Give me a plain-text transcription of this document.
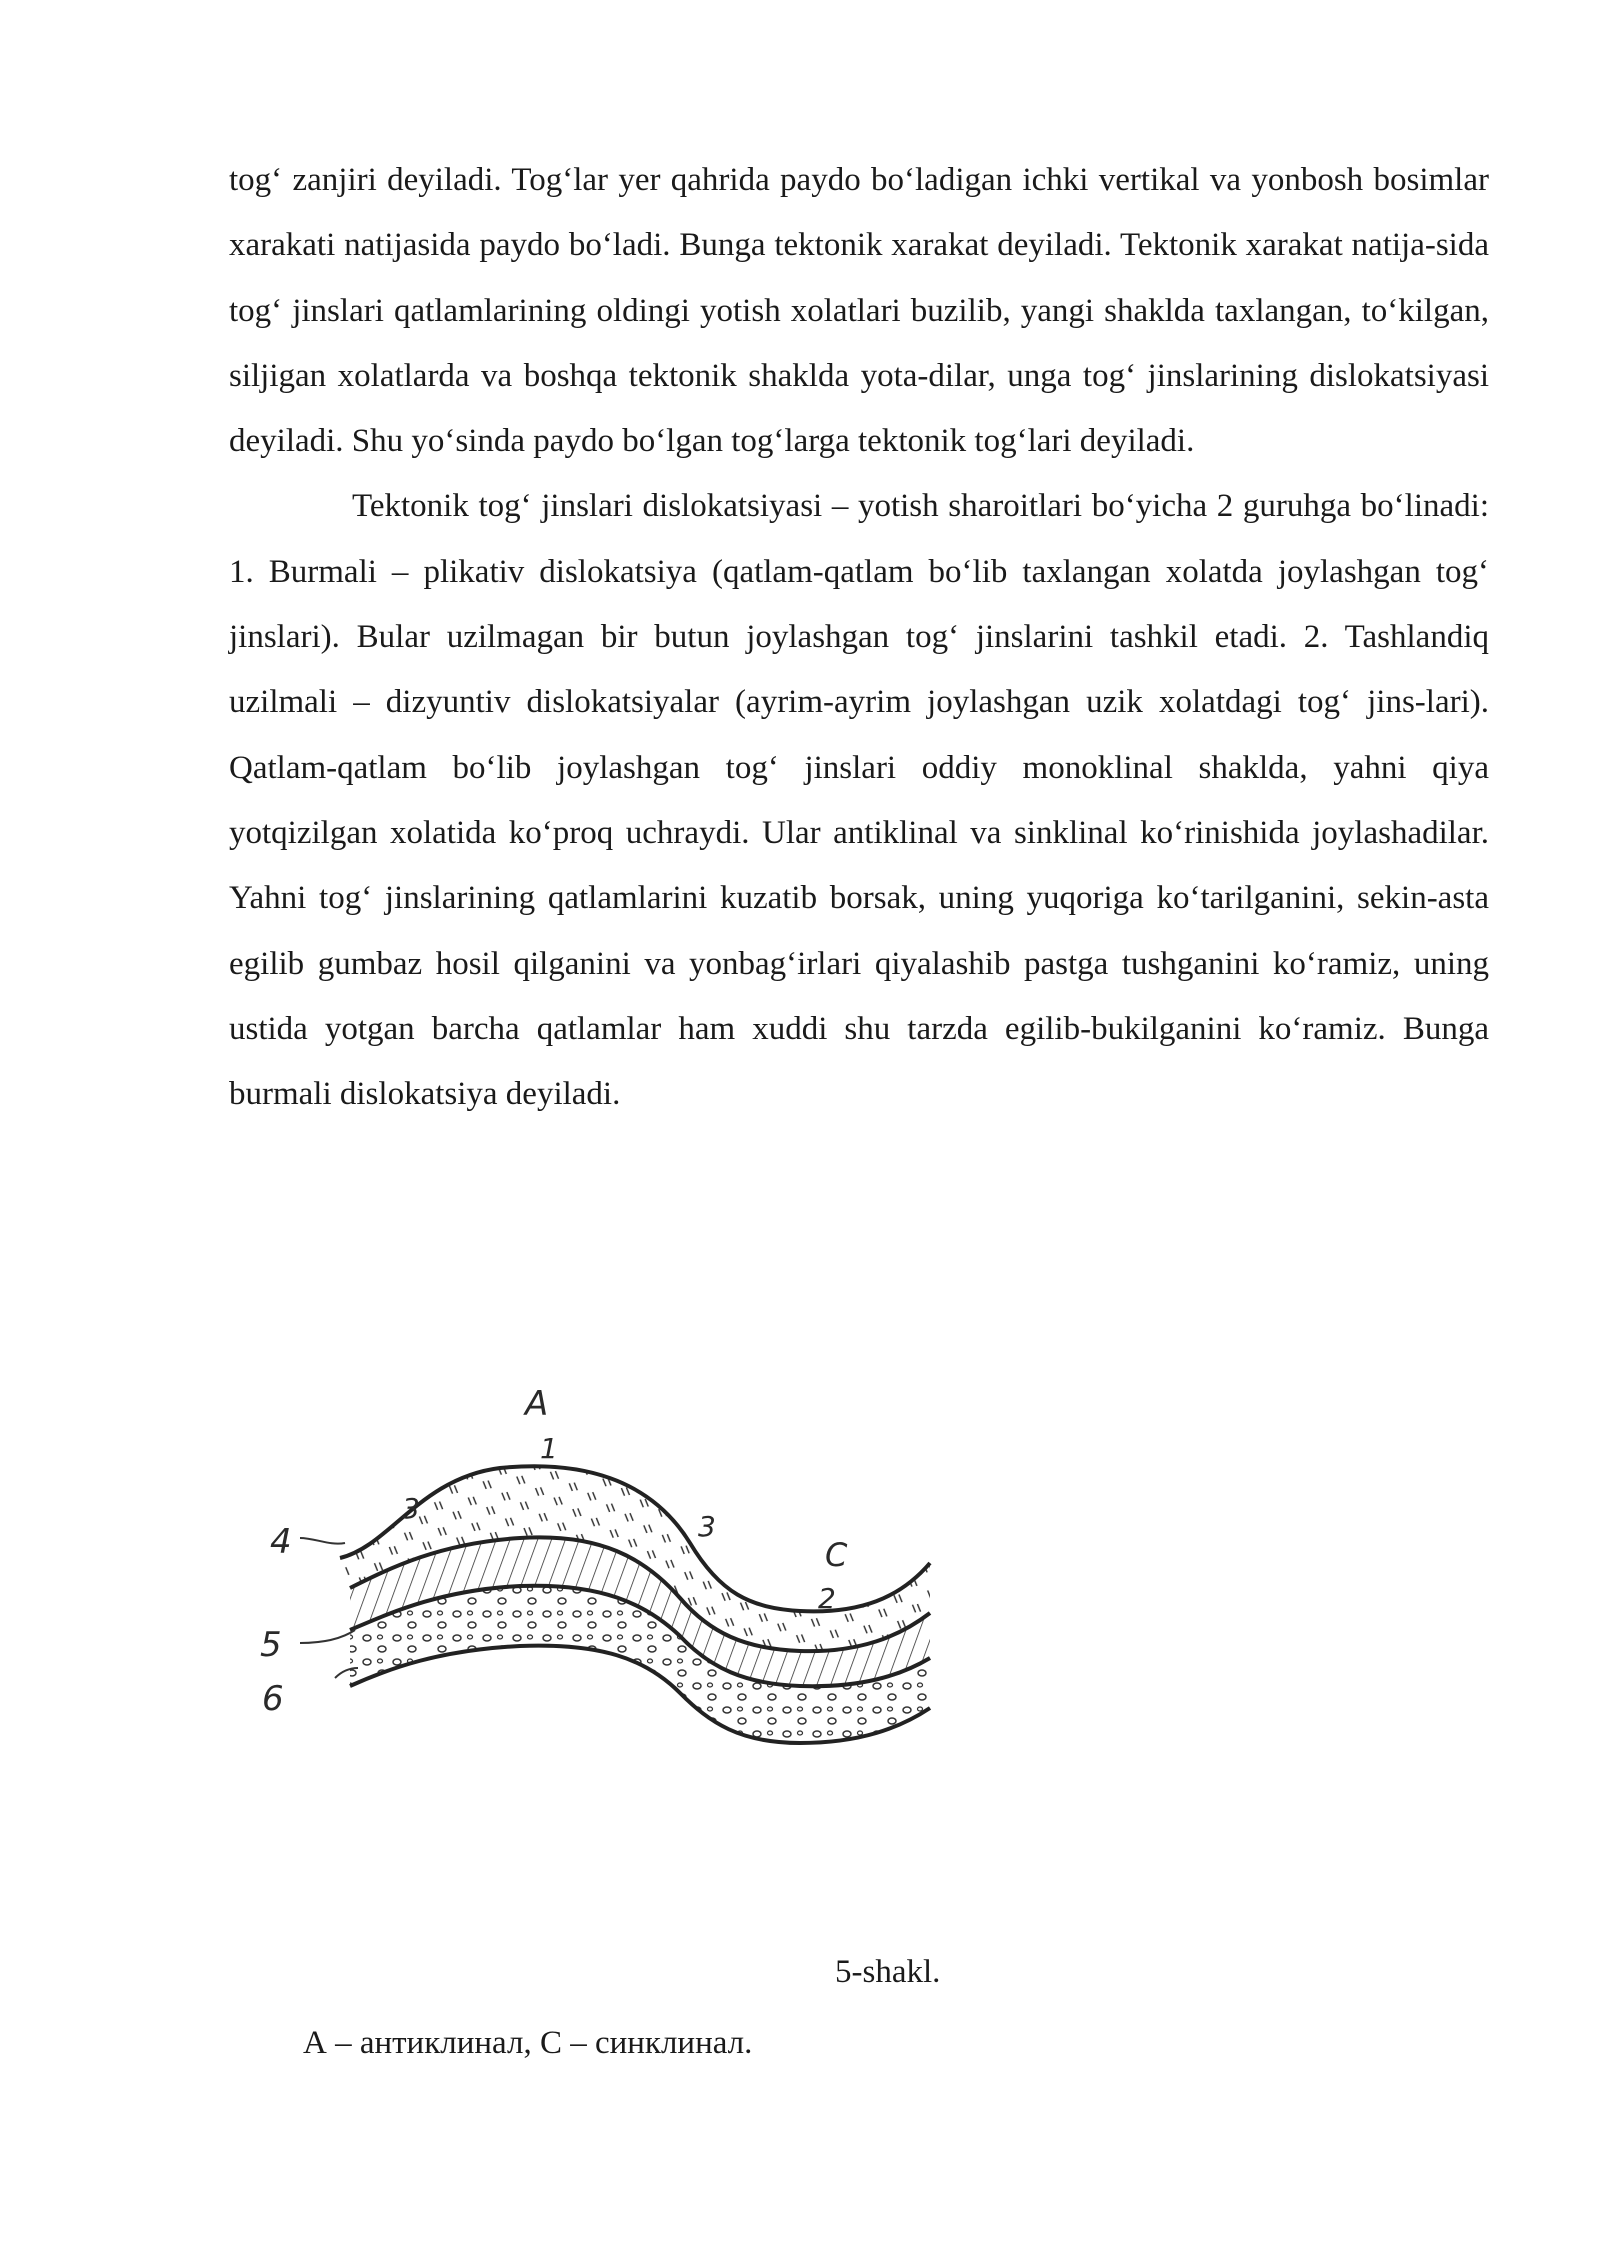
tog‘ zanjiri deyiladi. Tog‘lar yer qahrida paydo bo‘ladigan ichki vertikal va yonbosh bosimlar xarakati natijasida paydo bo‘ladi. Bunga tektonik xarakat deyiladi. Tektonik xarakat natija-sida tog‘ jinslari qatlamlarining oldingi yotish xolatlari buzilib, yangi shaklda taxlangan, to‘kilgan, siljigan xolatlarda va boshqa tektonik shaklda yota-dilar, unga tog‘ jinslarining dislokatsiyasi deyiladi. Shu yo‘sinda paydo bo‘lgan tog‘larga tektonik tog‘lari deyiladi.

Tektonik tog‘ jinslari dislokatsiyasi – yotish sharoitlari bo‘yicha 2 guruhga bo‘linadi: 1. Burmali – plikativ dislokatsiya (qatlam-qatlam bo‘lib taxlangan xolatda joylashgan tog‘ jinslari). Bular uzilmagan bir butun joylashgan tog‘ jinslarini tashkil etadi. 2. Tashlandiq uzilmali – dizyuntiv dislokatsiyalar (ayrim-ayrim joylashgan uzik xolatdagi tog‘ jins-lari). Qatlam-qatlam bo‘lib joylashgan tog‘ jinslari oddiy monoklinal shaklda, yahni qiya yotqizilgan xolatida ko‘proq uchraydi. Ular antiklinal va sinklinal ko‘rinishida joylashadilar. Yahni tog‘ jinslarining qatlamlarini kuzatib borsak, uning yuqoriga ko‘tarilganini, sekin-asta egilib gumbaz hosil qilganini va yonbag‘irlari qiyalashib pastga tushganini ko‘ramiz, uning ustida yotgan barcha qatlamlar ham xuddi shu tarzda egilib-bukilganini ko‘ramiz. Bunga burmali dislokatsiya deyiladi.

A
1
3
3
C
2
4
5
6
5-shakl.
А – антиклинал, С – синклинал.
